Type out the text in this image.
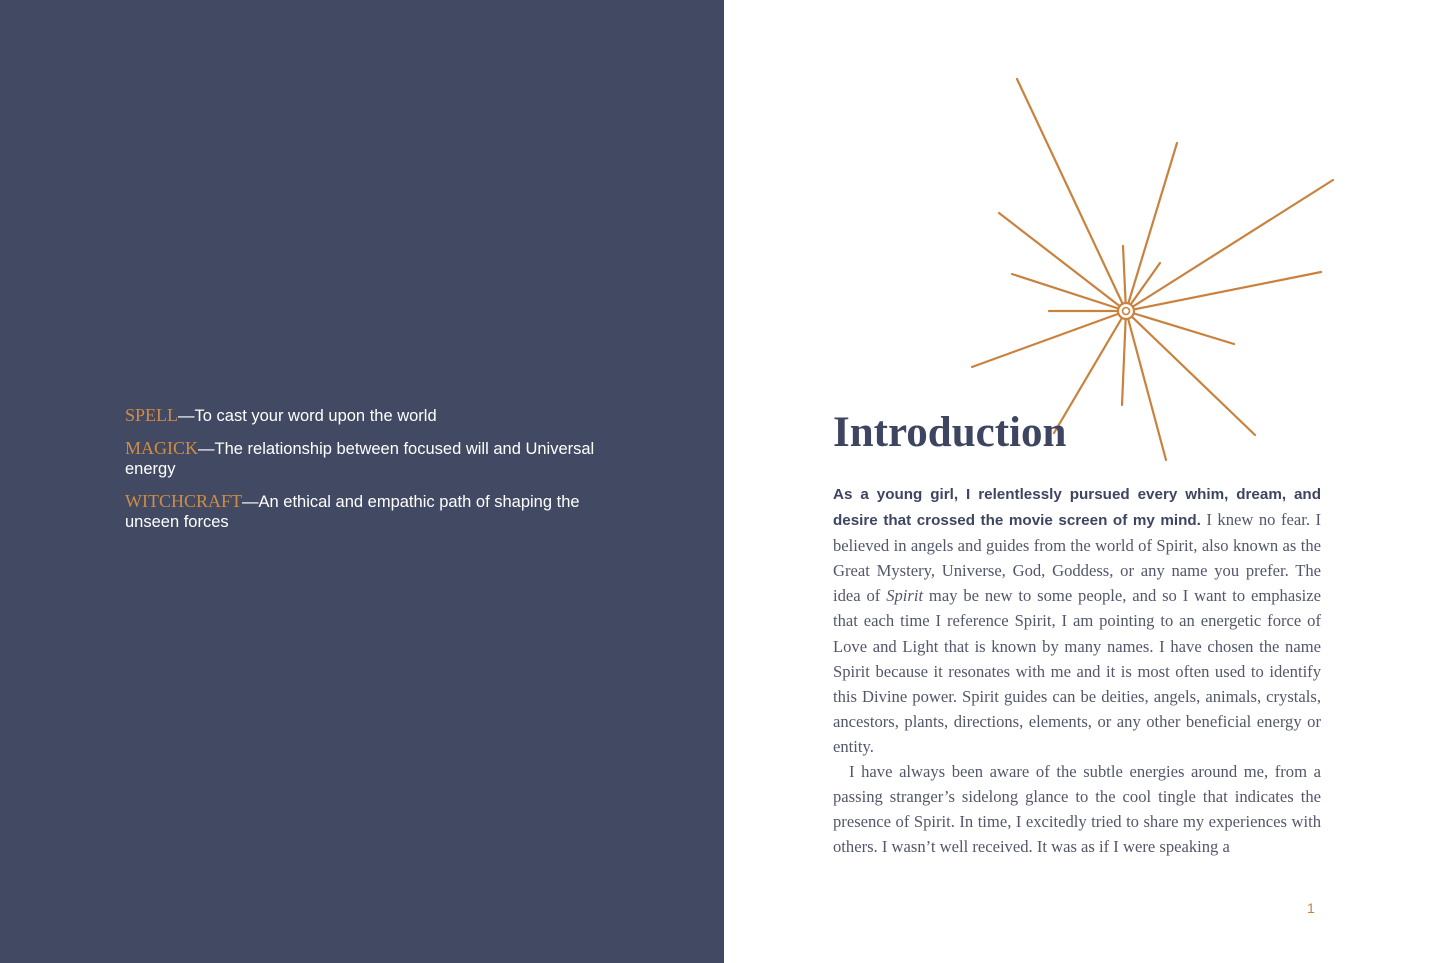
SPELL—To cast your word upon the world

MAGICK—The relationship between focused will and Universal energy

WITCHCRAFT—An ethical and empathic path of shaping the unseen forces

Introduction

As a young girl, I relentlessly pursued every whim, dream, and desire that crossed the movie screen of my mind. I knew no fear. I believed in angels and guides from the world of Spirit, also known as the Great Mystery, Universe, God, Goddess, or any name you prefer. The idea of Spirit may be new to some people, and so I want to emphasize that each time I reference Spirit, I am pointing to an energetic force of Love and Light that is known by many names. I have chosen the name Spirit because it resonates with me and it is most often used to identify this Divine power. Spirit guides can be deities, angels, animals, crystals, ancestors, plants, directions, elements, or any other beneficial energy or entity.

I have always been aware of the subtle energies around me, from a passing stranger’s sidelong glance to the cool tingle that indicates the presence of Spirit. In time, I excitedly tried to share my experiences with others. I wasn’t well received. It was as if I were speaking a

1
